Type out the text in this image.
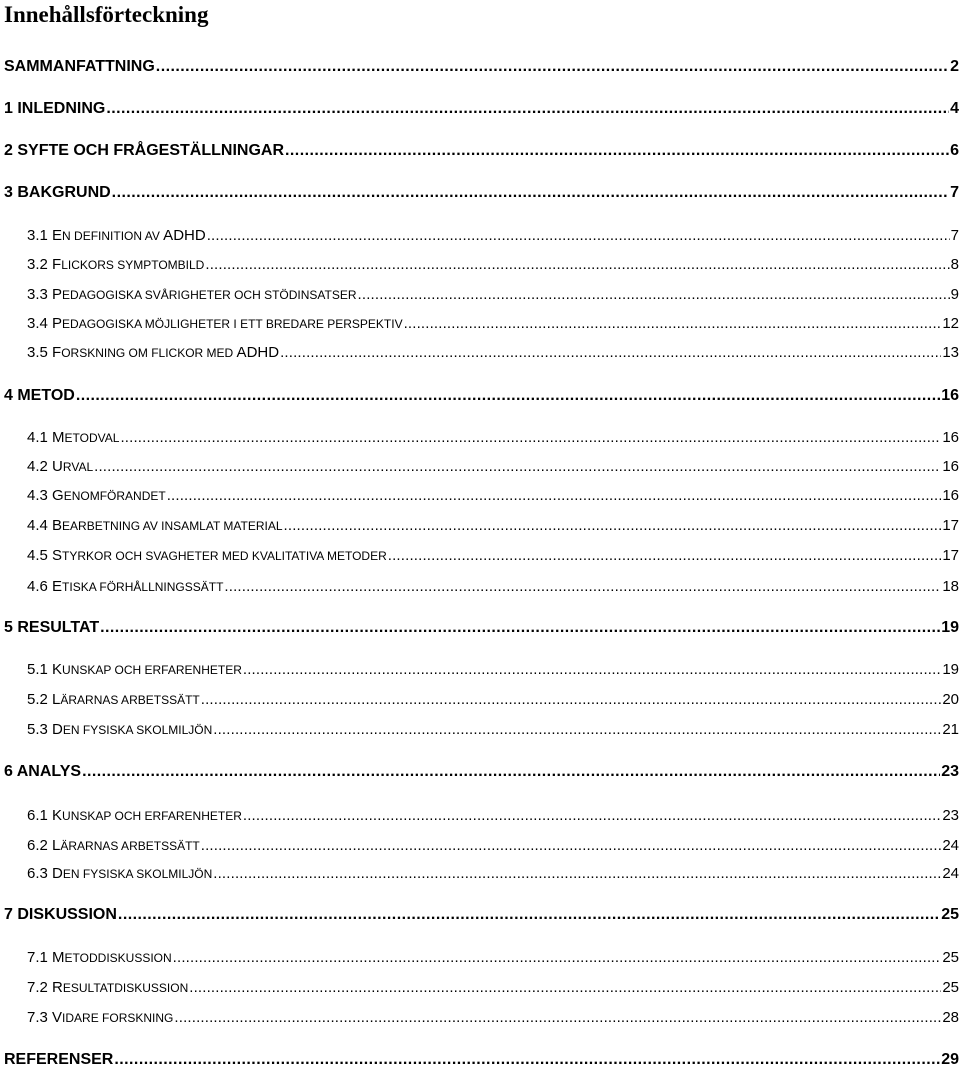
Innehållsförteckning
SAMMANFATTNING . . .	2
1 INLEDNING . . .	4
2 SYFTE OCH FRÅGESTÄLLNINGAR . . .	6
3 BAKGRUND . . .	7
3.1 EN DEFINITION AV ADHD . . .	7
3.2 FLICKORS SYMPTOMBILD . . .	8
3.3 PEDAGOGISKA SVÅRIGHETER OCH STÖDINSATSER . . .	9
3.4 PEDAGOGISKA MÖJLIGHETER I ETT BREDARE PERSPEKTIV . . .	12
3.5 FORSKNING OM FLICKOR MED ADHD . . .	13
4 METOD . . .	16
4.1 METODVAL . . .	16
4.2 URVAL . . .	16
4.3 GENOMFÖRANDET . . .	16
4.4 BEARBETNING AV INSAMLAT MATERIAL . . .	17
4.5 STYRKOR OCH SVAGHETER MED KVALITATIVA METODER . . .	17
4.6 ETISKA FÖRHÅLLNINGSSÄTT . . .	18
5 RESULTAT . . .	19
5.1 KUNSKAP OCH ERFARENHETER . . .	19
5.2 LÄRARNAS ARBETSSÄTT . . .	20
5.3 DEN FYSISKA SKOLMILJÖN . . .	21
6 ANALYS . . .	23
6.1 KUNSKAP OCH ERFARENHETER . . .	23
6.2 LÄRARNAS ARBETSSÄTT . . .	24
6.3 DEN FYSISKA SKOLMILJÖN . . .	24
7 DISKUSSION . . .	25
7.1 METODDISKUSSION . . .	25
7.2 RESULTATDISKUSSION . . .	25
7.3 VIDARE FORSKNING . . .	28
REFERENSER . . .	29
